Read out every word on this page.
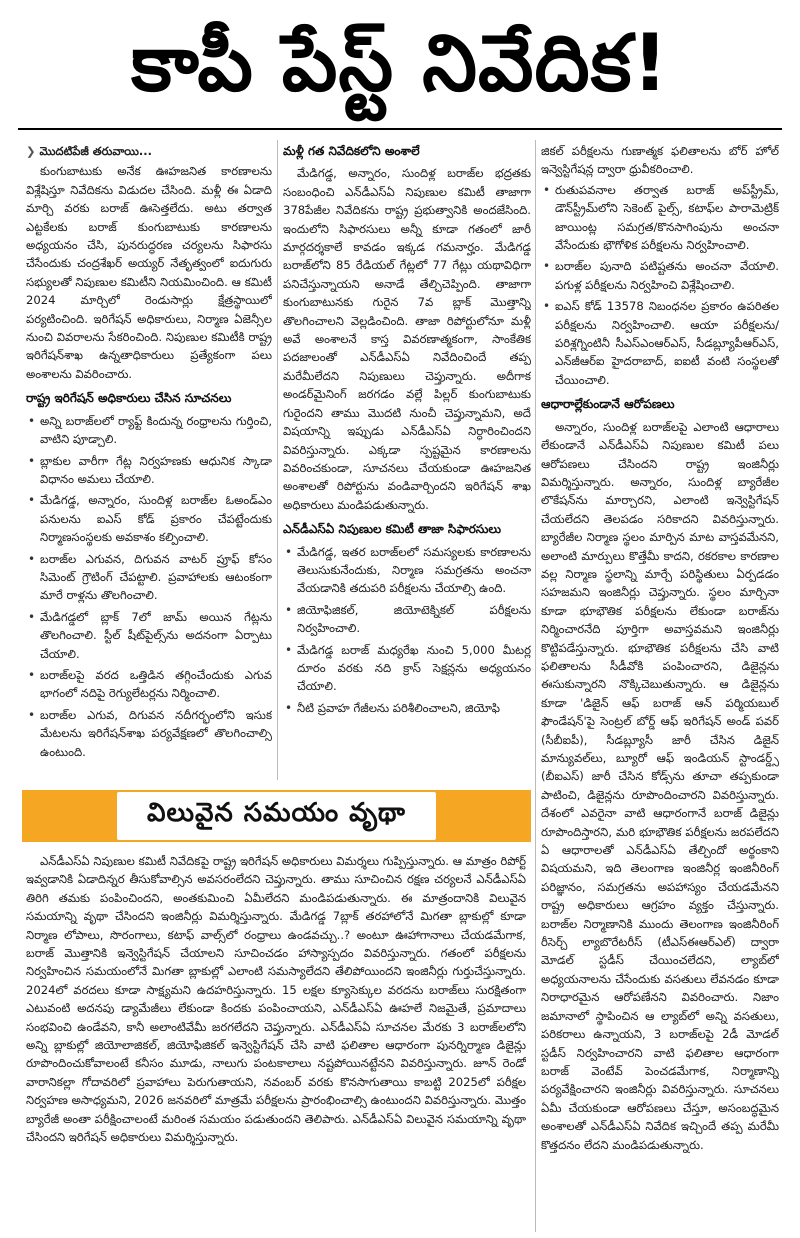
కాపీ పేస్ట్ నివేదిక!
❯ మొదటిపేజీ తరువాయి...

కుంగుబాటుకు అనేక ఊహజనిత కారణాలను విశ్లేషిస్తూ నివేదికను విడుదల చేసింది. మళ్లీ ఈ ఏడాది మార్చి వరకు బరాజ్ ఊసెత్తలేదు. అటు తర్వాత ఎట్టకేలకు బరాజ్ కుంగుబాటుకు కారణాలను అధ్యయనం చేసి, పునరుద్ధరణ చర్యలను సిఫారసు చేసేందుకు చంద్రశేఖర్ అయ్యర్ నేతృత్వంలో ఐదుగురు సభ్యులతో నిపుణుల కమిటీని నియమించింది. ఆ కమిటీ 2024 మార్చిలో రెండుసార్లు క్షేత్రస్థాయిలో పర్యటించింది. ఇరిగేషన్ అధికారులు, నిర్మాణ ఏజెన్సీల నుంచి వివరాలను సేకరించింది. నిపుణుల కమిటీకి రాష్ట్ర ఇరిగేషన్‌శాఖ ఉన్నతాధికారులు ప్రత్యేకంగా పలు అంశాలను వివరించారు.

రాష్ట్ర ఇరిగేషన్ అధికారులు చేసిన సూచనలు
• అన్ని బరాజ్‌లలో ర్యాఫ్ట్ కిందున్న రంధ్రాలను గుర్తించి, వాటిని పూడ్చాలి.
• బ్లాకుల వారీగా గేట్ల నిర్వహణకు ఆధునిక స్కాడా విధానం అమలు చేయాలి.
• మేడిగడ్డ, అన్నారం, సుందిళ్ల బరాజ్‌ల ఓఅండ్ఎం పనులను ఐఎస్ కోడ్ ప్రకారం చేపట్టేందుకు నిర్మాణసంస్థలకు అవకాశం కల్పించాలి.
• బరాజ్‌ల ఎగువన, దిగువన వాటర్ ప్రూఫ్ కోసం సిమెంట్ గ్రౌటింగ్ చేపట్టాలి. ప్రవాహాలకు ఆటంకంగా మారే రాళ్లను తొలగించాలి.
• మేడిగడ్డలో బ్లాక్ 7లో జామ్ అయిన గేట్లను తొలగించాలి. స్టీల్ షీట్‌పైల్స్‌ను అదనంగా ఏర్పాటు చేయాలి.
• బరాజ్‌లపై వరద ఒత్తిడిన తగ్గించేందుకు ఎగువ భాగంలో నదిపై రెగ్యులేటర్లను నిర్మించాలి.
• బరాజ్‌ల ఎగువ, దిగువన నదీగర్భంలోని ఇసుక మేటలను ఇరిగేషన్‌శాఖ పర్యవేక్షణలో తొలగించాల్సి ఉంటుంది.
మళ్లీ గత నివేదికలోని అంశాలే

మేడిగడ్డ, అన్నారం, సుందిళ్ల బరాజ్‌ల భద్రతకు సంబంధించి ఎన్‌డీఎస్‌ఏ నిపుణుల కమిటీ తాజాగా 378పేజీల నివేదికను రాష్ట్ర ప్రభుత్వానికి అందజేసింది. ఇందులోని సిఫారసులు అన్నీ కూడా గతంలో జారీ మార్గదర్శకాలే కావడం ఇక్కడ గమనార్హం. మేడిగడ్డ బరాజ్‌లోని 85 రేడియల్ గేట్లలో 77 గేట్లు యథావిధిగా పనిచేస్తున్నాయని అనాడే తేల్చిచెప్పింది. తాజాగా కుంగుబాటునకు గురైన 7వ బ్లాక్ మొత్తాన్ని తొలగించాలని వెల్లడించింది. తాజా రిపోర్టులోనూ మళ్లీ అవే అంశాలనే కాస్త వివరణాత్మకంగా, సాంకేతిక పదజాలంతో ఎన్‌డీఎస్‌ఏ నివేదించిందే తప్ప మరేమీలేదని నిపుణులు చెప్తున్నారు. అదీగాక అండర్‌మైనింగ్ జరగడం వల్లే పిల్లర్ కుంగుబాటుకు గురైందని తాము మొదటి నుంచీ చెప్తున్నామని, అదే విషయాన్ని ఇప్పుడు ఎన్‌డీఎస్‌ఏ నిర్ధారించిందని వివరిస్తున్నారు. ఎక్కడా స్పష్టమైన కారణాలను వివరించకుండా, సూచనలు చేయకుండా ఊహజనిత అంశాలతో రిపోర్టును వండివార్చిందని ఇరిగేషన్ శాఖ అధికారులు మండిపడుతున్నారు.

ఎన్‌డీఎస్‌ఏ నిపుణుల కమిటీ తాజా సిఫారసులు
• మేడిగడ్డ, ఇతర బరాజ్‌లలో సమస్యలకు కారణాలను తెలుసుకునేందుకు, నిర్మాణ సమగ్రతను అంచనా వేయడానికి తదుపరి పరీక్షలను చేయాల్సి ఉంది.
• జియోఫిజికల్, జియోటెక్నికల్ పరీక్షలను నిర్వహించాలి.
• మేడిగడ్డ బరాజ్ మధ్యరేఖ నుంచి 5,000 మీటర్ల దూరం వరకు నది క్రాస్ సెక్షన్లను అధ్యయనం చేయాలి.
• నీటి ప్రవాహ గేజీలను పరిశీలించాలని, జియోఫి

జికల్ పరీక్షలను గుణాత్మక ఫలితాలను బోర్ హోల్ ఇన్వెస్టిగేషన్ల ద్వారా ధ్రువీకరించాలి.

• రుతుపవనాల తర్వాత బరాజ్ అప్‌స్ట్రీమ్, డౌన్‌స్ట్రీమ్‌లోని సెకెంట్ పైల్స్, కటాఫ్‌ల పారామెట్రిక్ జాయింట్ల సమగ్రత/కొనసాగింపును అంచనా వేసేందుకు భౌగోళిక పరీక్షలను నిర్వహించాలి.
• బరాజ్‌ల పునాది పటిష్టతను అంచనా వేయాలి. పగుళ్ల పరీక్షలను నిర్వహించి విశ్లేషించాలి.
• ఐఎస్ కోడ్ 13578 నిబంధనల ప్రకారం ఉపరితల పరీక్షలను నిర్వహించాలి. ఆయా పరీక్షలను/పరిశ్లగ్నింటినీ సీఎస్‌ఎంఆర్‌ఎస్, సీడబ్ల్యూపీఆర్‌ఎస్, ఎన్‌జీఆర్ఐ హైదరాబాద్, ఐఐటీ వంటి సంస్థలతో చేయించాలి.
ఆధారాల్లేకుండానే ఆరోపణలు

అన్నారం, సుందిళ్ల బరాజ్‌లపై ఎలాంటి ఆధారాలు లేకుండానే ఎన్‌డీఎస్‌ఏ నిపుణుల కమిటీ పలు ఆరోపణలు చేసిందని రాష్ట్ర ఇంజినీర్లు విమర్శిస్తున్నారు. అన్నారం, సుందిళ్ల బ్యారేజీల లొకేషన్‌ను మార్చారని, ఎలాంటి ఇన్వెస్టిగేషన్ చేయలేదని తెలపడం సరికాదని వివరిస్తున్నారు. బ్యారేజీల నిర్మాణ స్థలం మార్పిన మాట వాస్తవమేనని, అలాంటి మార్పులు కొత్తేమీ కాదని, రకరకాల కారణాల వల్ల నిర్మాణ స్థలాన్ని మార్చే పరిస్థితులు ఏర్పడడం సహజమని ఇంజినీర్లు చెప్తున్నారు. స్థలం మార్చినా కూడా భూభౌతిక పరీక్షలను లేకుండా బరాజ్‌ను నిర్మించారనేది పూర్తిగా అవాస్తవమని ఇంజినీర్లు కొట్టిపడేస్తున్నారు. భూభౌతిక పరీక్షలను చేసి వాటి ఫలితాలను సీడీవోకి పంపించారని, డిజైన్లను ఈసుకున్నారని నొక్కిచెబుతున్నారు. ఆ డిజైన్లను కూడా 'డిజైన్ ఆఫ్ బరాజ్ ఆన్ పర్మియబుల్ ఫౌండేషన్'పై సెంట్రల్ బోర్డ్ ఆఫ్ ఇరిగేషన్ అండ్ పవర్ (సీబీఐపీ), సీడబ్ల్యూసీ జారీ చేసిన డిజైన్ మాన్యువల్‌లు, బ్యూరో ఆఫ్ ఇండియన్ స్టాండర్డ్స్ (బీఐఎస్) జారీ చేసిన కోడ్స్‌ను తూచా తప్పకుండా పాటించి, డిజైన్లను రూపొందించారని వివరిస్తున్నారు. దేశంలో ఎవరైనా వాటి ఆధారంగానే బరాజ్ డిజైన్లు రూపొందిస్తారని, మరి భూభౌతిక పరీక్షలను జరపలేదని ఏ ఆధారాలతో ఎన్‌డీఎస్‌ఏ తేల్చిందో అర్థంకాని విషయమని, ఇది తెలంగాణ ఇంజినీర్ల ఇంజినీరింగ్ పరిజ్ఞానం, సమగ్రతను అపహాస్యం చేయడమేనని రాష్ట్ర అధికారులు ఆగ్రహం వ్యక్తం చేస్తున్నారు. బరాజ్‌ల నిర్మాణానికి ముందు తెలంగాణ ఇంజినీరింగ్ రీసెర్చ్ ల్యాబొరేటరీస్ (టీఎస్‌ఈఆర్‌ఎల్) ద్వారా మోడల్ స్టడీస్ చేయించలేదని, ల్యాబ్‌లో అధ్యయనాలను చేసేందుకు వసతులు లేవనడం కూడా నిరాధారమైన ఆరోపణేనని వివరించారు. నిజాం జమానాలో స్థాపించిన ఆ ల్యాబ్‌లో అన్ని వసతులు, పరికరాలు ఉన్నాయని, 3 బరాజ్‌లపై 2డీ మోడల్ స్టడీస్ నిర్వహించారని వాటి ఫలితాల ఆధారంగా బరాజ్ వెంటేవ్ పెంచడమేగాక, నిర్మాణాన్ని పర్యవేక్షించారని ఇంజినీర్లు వివరిస్తున్నారు. సూచనలు ఏమీ చేయకుండా ఆరోపణలు చేస్తూ, అసంబద్ధమైన అంశాలతో ఎన్‌డీఎస్‌ఏ నివేదిక ఇచ్చిందే తప్ప మరేమీ కొత్తదనం లేదని మండిపడుతున్నారు.

విలువైన సమయం వృథా

ఎన్‌డీఎస్‌ఏ నిపుణుల కమిటీ నివేదికపై రాష్ట్ర ఇరిగేషన్ అధికారులు విమర్శలు గుప్పిస్తున్నారు. ఆ మాత్రం రిపోర్ట్ ఇవ్వడానికి ఏడాదిన్నర తీసుకోవాల్సిన అవసరంలేదని చెప్తున్నారు. తాము సూచించిన రక్షణ చర్యలనే ఎన్‌డీఎస్‌ఏ తిరిగి తమకు పంపించిందని, అంతకుమించి ఏమీలేదని మండిపడుతున్నారు. ఈ మాత్రందానికి విలువైన సమయాన్ని వృథా చేసిందని ఇంజినీర్లు విమర్శిస్తున్నారు. మేడిగడ్డ 7బ్లాక్ తరహాలోనే మిగతా బ్లాకుల్లో కూడా నిర్మాణ లోపాలు, సొరంగాలు, కటాఫ్ వాల్స్‌లో రంధ్రాలు ఉండవచ్చు..? అంటూ ఊహాగానాలు చేయడమేగాక, బరాజ్ మొత్తానికి ఇన్వెస్టిగేషన్ చేయాలని సూచించడం హాస్యాస్పదం వివరిస్తున్నారు. గతంలో పరీక్షలను నిర్వహించిన సమయంలోనే మిగతా బ్లాకుల్లో ఎలాంటి సమస్యాలేదని తేలిపోయిందని ఇంజినీర్లు గుర్తుచేస్తున్నారు. 2024లో వరదలు కూడా సాక్ష్యమని ఉదహరిస్తున్నారు. 15 లక్షల క్యూసెక్కుల వరదను బరాజ్‌లు సురక్షితంగా ఎటువంటి అదనపు డ్యామేజీలు లేకుండా కిందకు పంపించాయని, ఎన్‌డీఎస్‌ఏ ఊహలే నిజమైతే, ప్రమాదాలు సంభవించి ఉండేవని, కానీ అలాంటివేమీ జరగలేదని చెప్తున్నారు. ఎన్‌డీఎస్‌ఏ సూచనల మేరకు 3 బరాజ్‌లలోని అన్ని బ్లాకుల్లో జియోలాజికల్, జియోఫిజికల్ ఇన్వెస్టిగేషన్ చేసి వాటి ఫలితాల ఆధారంగా పునర్నిర్మాణ డిజైన్లు రూపొందించుకోవాలంటే కనీసం మూడు, నాలుగు పంటకాలాలు నష్టపోయినట్టేనని వివరిస్తున్నారు. జూన్ రెండో వారానికల్లా గోదావరిలో ప్రవాహాలు పెరుగుతాయని, నవంబర్ వరకు కొనసాగుతాయి కాబట్టి 2025లో పరీక్షల నిర్వహణ అసాధ్యమని, 2026 జనవరిలో మాత్రమే పరీక్షలను ప్రారంభించాల్సి ఉంటుందని వివరిస్తున్నారు. మొత్తం బ్యారేజీ అంతా పరీక్షించాలంటే మరింత సమయం పడుతుందని తెలిపారు. ఎన్‌డీఎస్‌ఏ విలువైన సమయాన్ని వృథా చేసిందని ఇరిగేషన్ అధికారులు విమర్శిస్తున్నారు.
